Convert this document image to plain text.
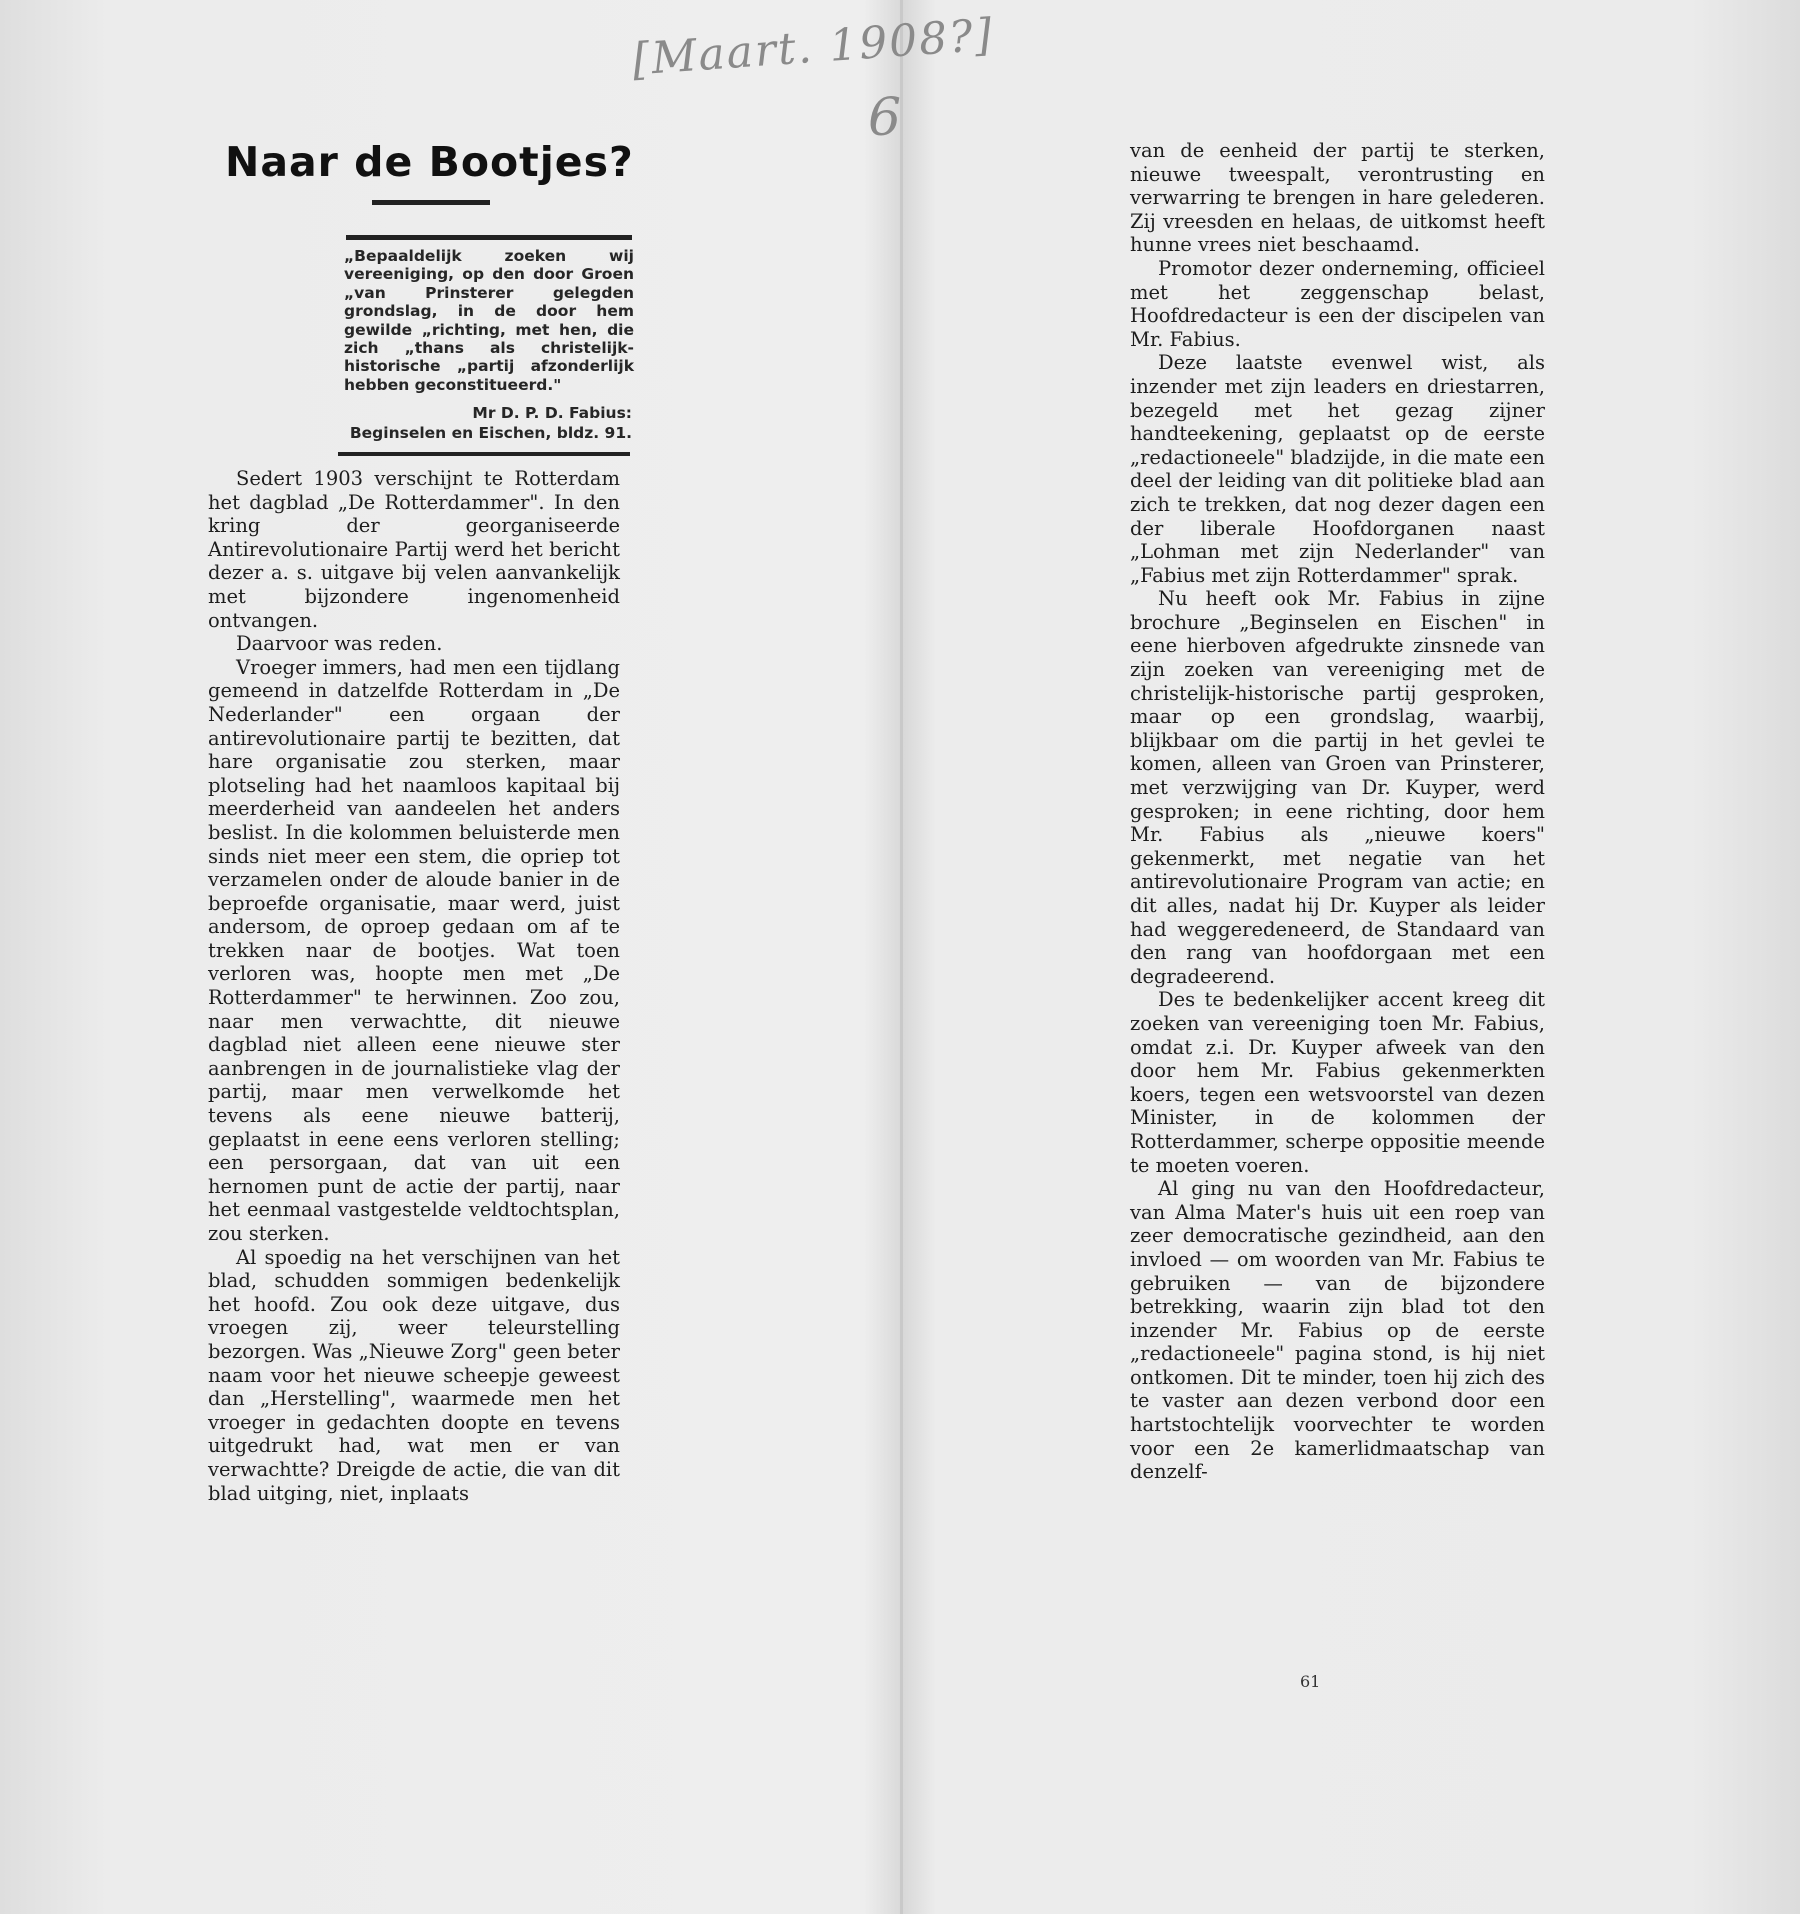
[Maart. 1908?]
6
Naar de Bootjes?
„Bepaaldelijk zoeken wij vereeniging, op den door Groen „van Prinsterer gelegden grondslag, in de door hem gewilde „richting, met hen, die zich „thans als christelijk-historische „partij afzonderlijk hebben geconstitueerd."
Mr D. P. D. Fabius:
Beginselen en Eischen, bldz. 91.

Sedert 1903 verschijnt te Rotterdam het dagblad „De Rotterdammer". In den kring der georganiseerde Antirevolutionaire Partij werd het bericht dezer a. s. uitgave bij velen aanvankelijk met bijzondere ingenomenheid ontvangen.

Daarvoor was reden.

Vroeger immers, had men een tijdlang gemeend in datzelfde Rotterdam in „De Nederlander" een orgaan der antirevolutionaire partij te bezitten, dat hare organisatie zou sterken, maar plotseling had het naamloos kapitaal bij meerderheid van aandeelen het anders beslist. In die kolommen beluisterde men sinds niet meer een stem, die opriep tot verzamelen onder de aloude banier in de beproefde organisatie, maar werd, juist andersom, de oproep gedaan om af te trekken naar de bootjes. Wat toen verloren was, hoopte men met „De Rotterdammer" te herwinnen. Zoo zou, naar men verwachtte, dit nieuwe dagblad niet alleen eene nieuwe ster aanbrengen in de journalistieke vlag der partij, maar men verwelkomde het tevens als eene nieuwe batterij, geplaatst in eene eens verloren stelling; een persorgaan, dat van uit een hernomen punt de actie der partij, naar het eenmaal vastgestelde veldtochtsplan, zou sterken.

Al spoedig na het verschijnen van het blad, schudden sommigen bedenkelijk het hoofd. Zou ook deze uitgave, dus vroegen zij, weer teleurstelling bezorgen. Was „Nieuwe Zorg" geen beter naam voor het nieuwe scheepje geweest dan „Herstelling", waarmede men het vroeger in gedachten doopte en tevens uitgedrukt had, wat men er van verwachtte? Dreigde de actie, die van dit blad uitging, niet, inplaats

van de eenheid der partij te sterken, nieuwe tweespalt, verontrusting en verwarring te brengen in hare gelederen. Zij vreesden en helaas, de uitkomst heeft hunne vrees niet beschaamd.

Promotor dezer onderneming, officieel met het zeggenschap belast, Hoofdredacteur is een der discipelen van Mr. Fabius.

Deze laatste evenwel wist, als inzender met zijn leaders en driestarren, bezegeld met het gezag zijner handteekening, geplaatst op de eerste „redactioneele" bladzijde, in die mate een deel der leiding van dit politieke blad aan zich te trekken, dat nog dezer dagen een der liberale Hoofdorganen naast „Lohman met zijn Nederlander" van „Fabius met zijn Rotterdammer" sprak.

Nu heeft ook Mr. Fabius in zijne brochure „Beginselen en Eischen" in eene hierboven afgedrukte zinsnede van zijn zoeken van vereeniging met de christelijk-historische partij gesproken, maar op een grondslag, waarbij, blijkbaar om die partij in het gevlei te komen, alleen van Groen van Prinsterer, met verzwijging van Dr. Kuyper, werd gesproken; in eene richting, door hem Mr. Fabius als „nieuwe koers" gekenmerkt, met negatie van het antirevolutionaire Program van actie; en dit alles, nadat hij Dr. Kuyper als leider had weggeredeneerd, de Standaard van den rang van hoofdorgaan met een degradeerend.

Des te bedenkelijker accent kreeg dit zoeken van vereeniging toen Mr. Fabius, omdat z.i. Dr. Kuyper afweek van den door hem Mr. Fabius gekenmerkten koers, tegen een wetsvoorstel van dezen Minister, in de kolommen der Rotterdammer, scherpe oppositie meende te moeten voeren.

Al ging nu van den Hoofdredacteur, van Alma Mater's huis uit een roep van zeer democratische gezindheid, aan den invloed — om woorden van Mr. Fabius te gebruiken — van de bijzondere betrekking, waarin zijn blad tot den inzender Mr. Fabius op de eerste „redactioneele" pagina stond, is hij niet ontkomen. Dit te minder, toen hij zich des te vaster aan dezen verbond door een hartstochtelijk voorvechter te worden voor een 2e kamerlidmaatschap van denzelf-

61
